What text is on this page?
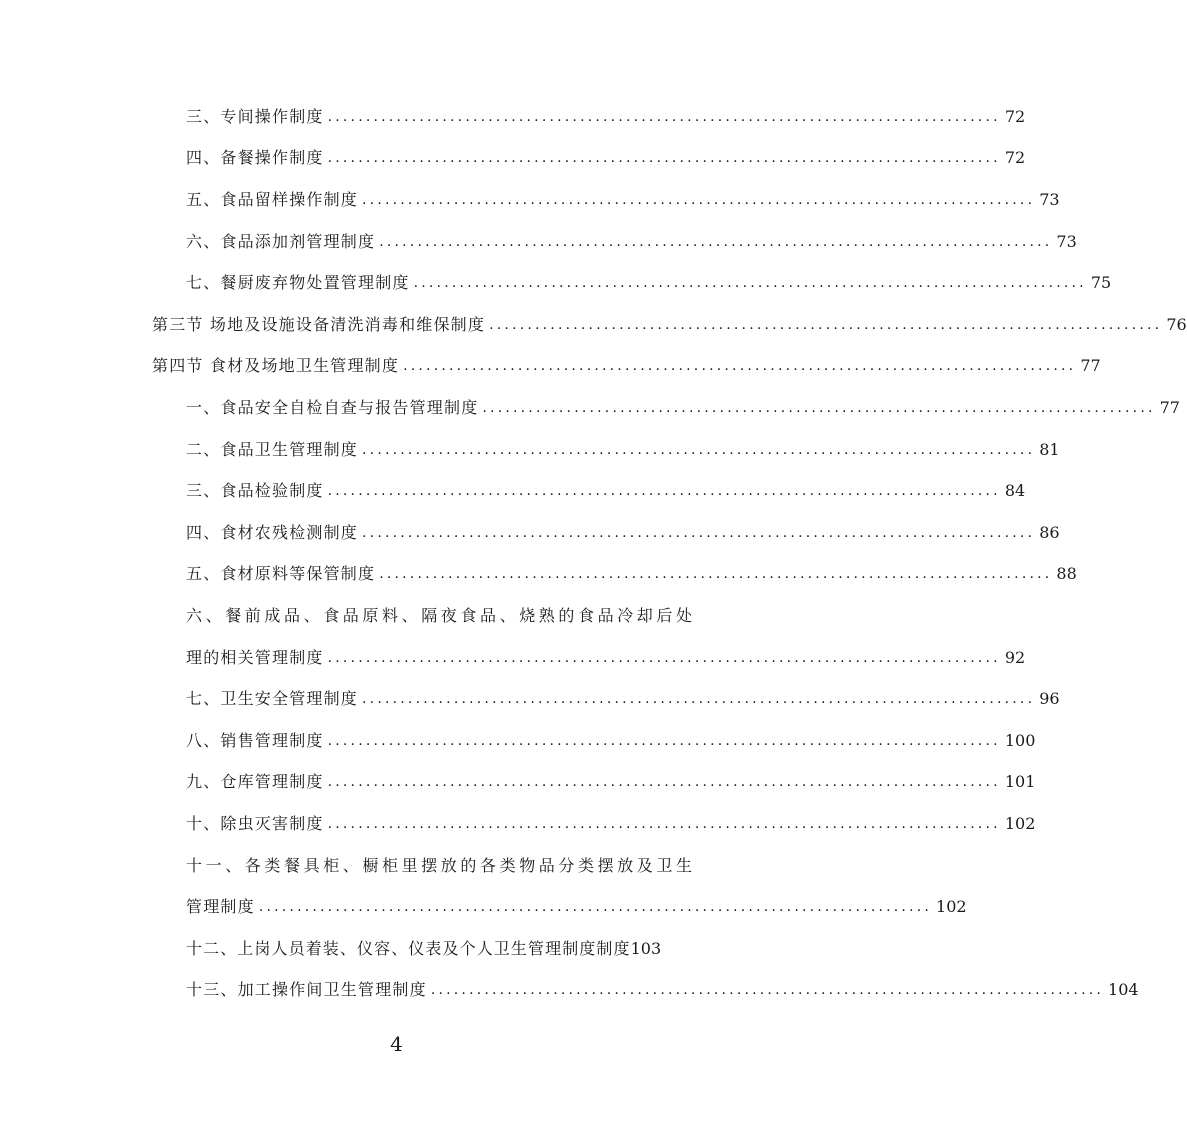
三、专间操作制度 ........................................................................................ 72
四、备餐操作制度 ........................................................................................ 72
五、食品留样操作制度 ........................................................................................ 73
六、食品添加剂管理制度 ........................................................................................ 73
七、餐厨废弃物处置管理制度 ........................................................................................ 75
第三节 场地及设施设备清洗消毒和维保制度 ........................................................................................ 76
第四节 食材及场地卫生管理制度 ........................................................................................ 77
一、食品安全自检自查与报告管理制度 ........................................................................................ 77
二、食品卫生管理制度 ........................................................................................ 81
三、食品检验制度 ........................................................................................ 84
四、食材农残检测制度 ........................................................................................ 86
五、食材原料等保管制度 ........................................................................................ 88
六、餐前成品、食品原料、隔夜食品、烧熟的食品冷却后处
理的相关管理制度 ........................................................................................ 92
七、卫生安全管理制度 ........................................................................................ 96
八、销售管理制度 ........................................................................................ 100
九、仓库管理制度 ........................................................................................ 101
十、除虫灭害制度 ........................................................................................ 102
十一、各类餐具柜、橱柜里摆放的各类物品分类摆放及卫生
管理制度 ........................................................................................ 102
十二、上岗人员着装、仪容、仪表及个人卫生管理制度制度 103
十三、加工操作间卫生管理制度 ........................................................................................ 104
4
